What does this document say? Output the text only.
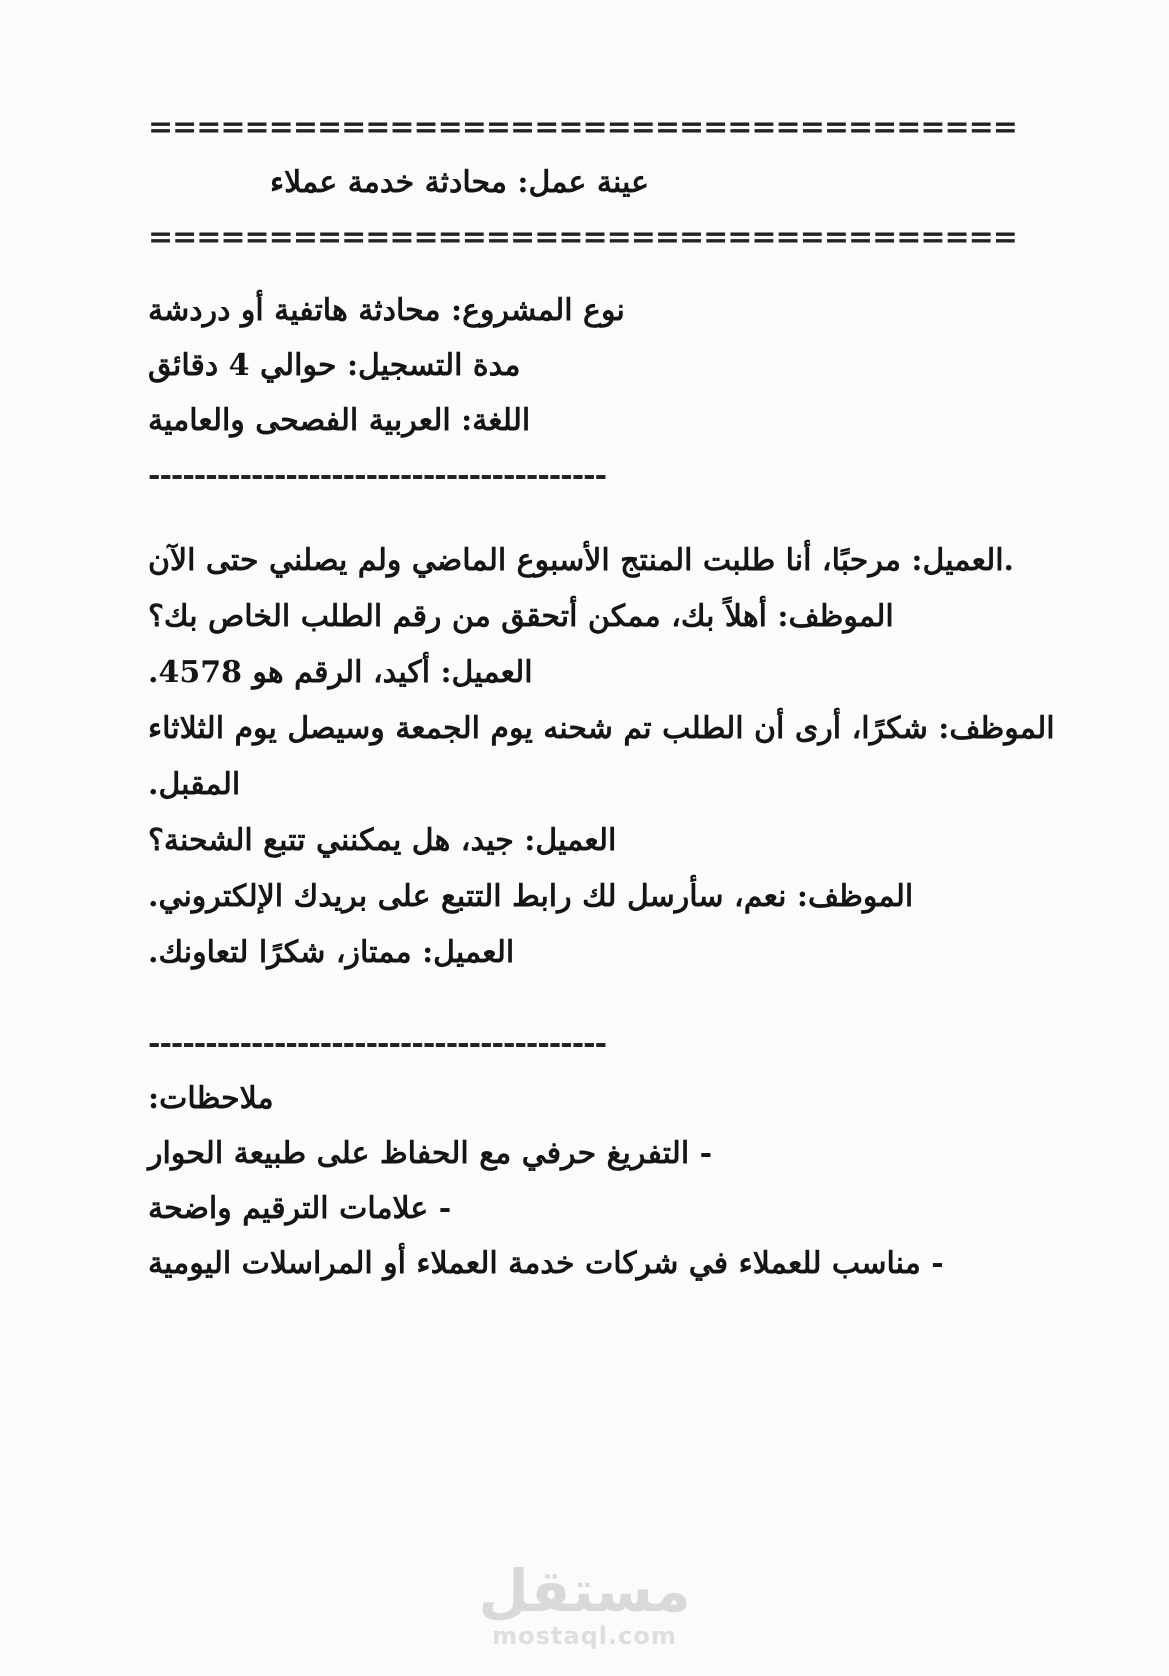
====================================

عينة عمل: محادثة خدمة عملاء

====================================

نوع المشروع: محادثة هاتفية أو دردشة

مدة التسجيل: حوالي 4 دقائق

اللغة: العربية الفصحى والعامية

----------------------------------------

.العميل: مرحبًا، أنا طلبت المنتج الأسبوع الماضي ولم يصلني حتى الآن

الموظف: أهلاً بك، ممكن أتحقق من رقم الطلب الخاص بك؟

العميل: أكيد، الرقم هو 4578.

الموظف: شكرًا، أرى أن الطلب تم شحنه يوم الجمعة وسيصل يوم الثلاثاء

المقبل.

العميل: جيد، هل يمكنني تتبع الشحنة؟

الموظف: نعم، سأرسل لك رابط التتبع على بريدك الإلكتروني.

العميل: ممتاز، شكرًا لتعاونك.

----------------------------------------

ملاحظات:

- التفريغ حرفي مع الحفاظ على طبيعة الحوار

- علامات الترقيم واضحة

- مناسب للعملاء في شركات خدمة العملاء أو المراسلات اليومية

مستقل
mostaql.com
